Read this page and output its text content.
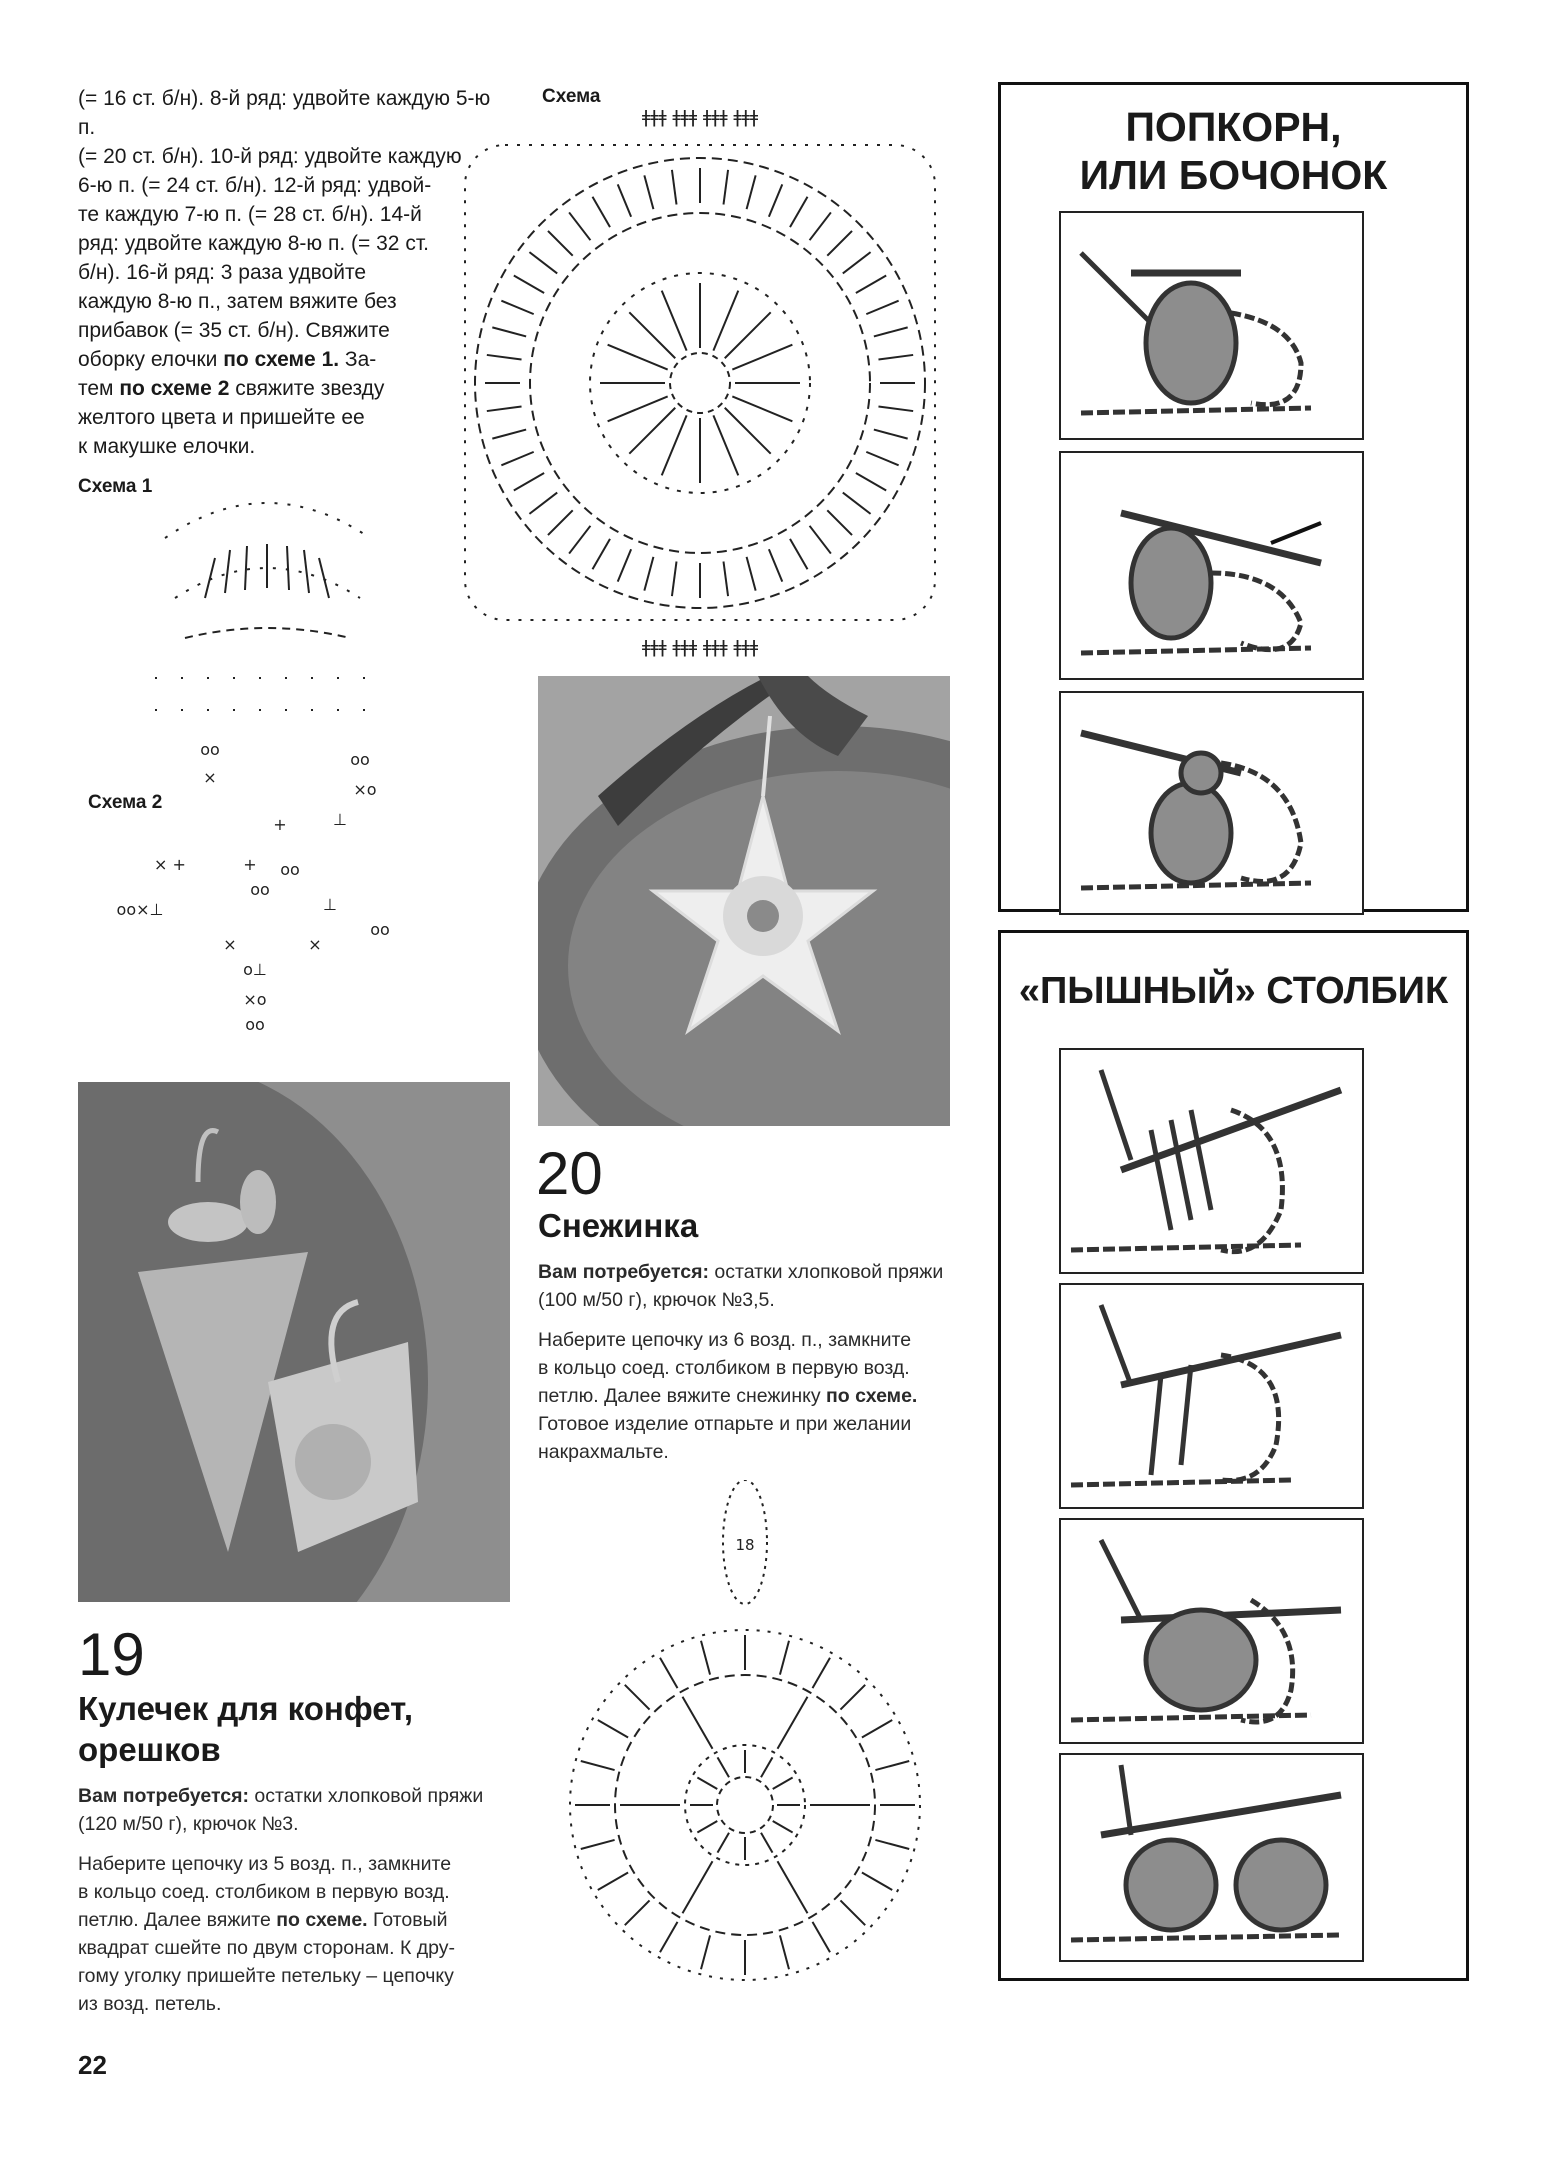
(= 16 ст. б/н). 8-й ряд: удвойте каждую 5-ю п.
(= 20 ст. б/н). 10-й ряд: удвойте каждую
6-ю п. (= 24 ст. б/н). 12-й ряд: удвой-
те каждую 7-ю п. (= 28 ст. б/н). 14-й
ряд: удвойте каждую 8-ю п. (= 32 ст.
б/н). 16-й ряд: 3 раза удвойте
каждую 8-ю п., затем вяжите без
прибавок (= 35 ст. б/н). Свяжите
оборку елочки по схеме 1. За-
тем по схеме 2 свяжите звезду
желтого цвета и пришейте ее
к макушке елочки.
Схема
ǂǂǂ ǂǂǂ ǂǂǂ ǂǂǂ
ǂǂǂ ǂǂǂ ǂǂǂ ǂǂǂ
Схема 1
Схема 2
oo
×
oo
×o
+	⊥
× +	+ oo
oo×⊥
oo
⊥
oo
×	×
o⊥
×o
oo
20
Снежинка
Вам потребуется: остатки хлопковой пряжи
(100 м/50 г), крючок №3,5.
Наберите цепочку из 6 возд. п., замкните
в кольцо соед. столбиком в первую возд.
петлю. Далее вяжите снежинку по схеме.
Готовое изделие отпарьте и при желании
накрахмальте.
18
19
Кулечек для конфет,
орешков
Вам потребуется: остатки хлопковой пряжи
(120 м/50 г), крючок №3.
Наберите цепочку из 5 возд. п., замкните
в кольцо соед. столбиком в первую возд.
петлю. Далее вяжите по схеме. Готовый
квадрат сшейте по двум сторонам. К дру-
гому уголку пришейте петельку – цепочку
из возд. петель.
ПОПКОРН,
ИЛИ БОЧОНОК
«ПЫШНЫЙ» СТОЛБИК
22
